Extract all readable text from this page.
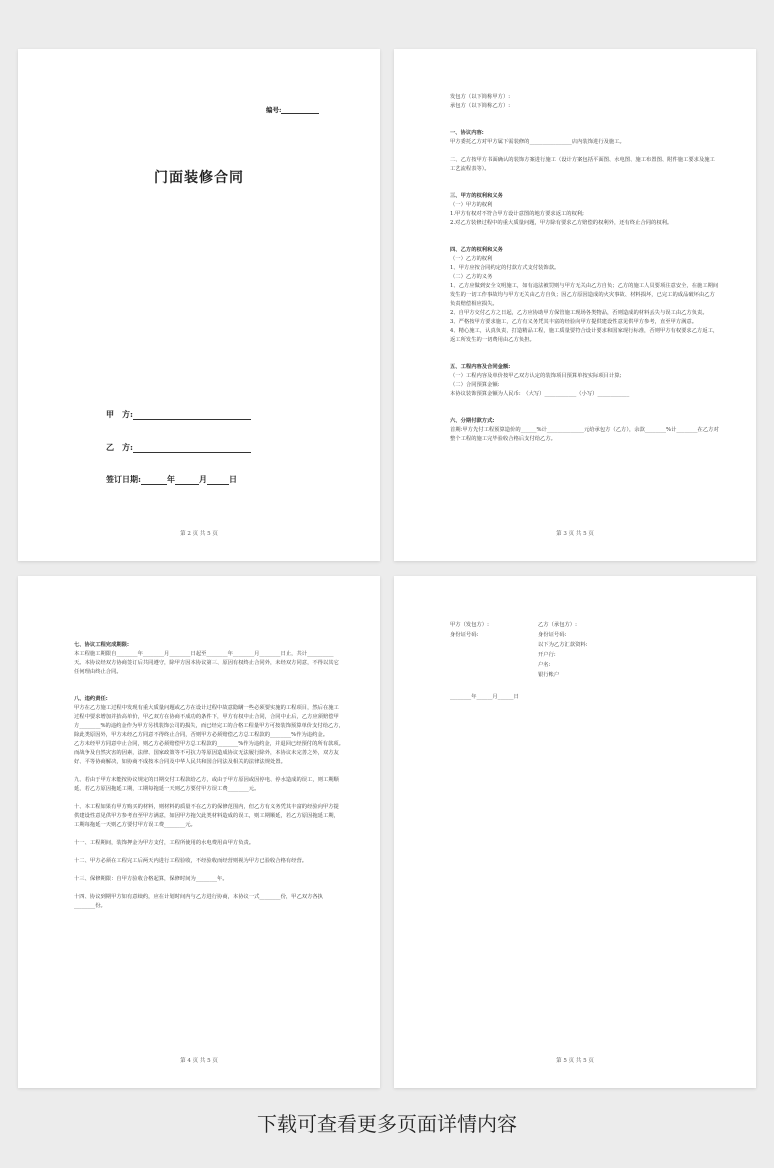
编号:
门面装修合同
甲　方:
乙　方:
签订日期:	年	月	日
第 2 页 共 5 页

发包方（以下简称甲方）:

承包方（以下简称乙方）:

一、协议内容:

甲方委托乙方对甲方属下需装修的________________店内装饰进行及施工。

二、乙方按甲方书面确认的装饰方案进行施工（设计方案包括平面图、水电图、施工布置图、附件施工要求及施工工艺流程表等）。

三、甲方的权利和义务

（一）甲方的权利

1.甲方有权对不符合甲方设计意图的地方要求返工的权利;

2.对乙方装修过程中的重大质量问题，甲方除有要求乙方赔偿的权利外，还有终止合同的权利。

四、乙方的权利和义务

（一）乙方的权利

1、甲方应按合同约定的付款方式支付装饰款。

（二）乙方的义务

1、乙方应做到安全文明施工，如有违法被罚则与甲方无关由乙方自负；乙方的施工人员要项注意安全，在施工期间发生的一切工作事故均与甲方无关由乙方自负；因乙方原因造成的火灾事故、材料损坏，已完工的成品破坏由乙方负责赔偿相应损失。

2、自甲方交付乙方之日起，乙方应协助甲方保管施工现场各类物品，否则造成的材料丢失与误工由乙方负责。

3、严格按甲方要求施工，乙方有义务凭其丰富的经验向甲方提供建设性意见供甲方参考，直至甲方满意。

4、精心施工，认真负责，打造精品工程，施工质量要符合设计要求和国家现行标准，否则甲方有权要求乙方返工，返工所发生的一切费用由乙方负担。

五、工程内容及合同金额:

（一）工程内容及单价按甲乙双方认定的装饰项目预算单按实际项目计算;

（二）合同预算金额:

本协议装饰预算金额为人民币:　（大写）____________（小写）____________

六、分期付款方式:

首期:甲方先付工程预算造价的______%计______________元给承包方（乙方），余款________%计________在乙方对整个工程的施工完毕验收合格后支付给乙方。

第 3 页 共 5 页

七、协议工程完成期限:

本工程施工期限自________年________月________日起至________年________月________日止，共计__________天。本协议经双方协商签订后共同遵守，除甲方因本协议第三、原因有权终止合同外，未经双方同意，不得以其它任何理由终止合同。

八、违约责任:

甲方在乙方施工过程中发现有重大质量问题或乙方在设计过程中故意隐瞒一些必须要实施的工程项目，然后在施工过程中要求增加并抬高单价，甲乙双方在协商不成功的条件下，甲方有权中止合同，合同中止后，乙方应须赔偿甲方________%的违约金作为甲方另找装饰公司的损失，而已经完工的合格工程量甲方可按装饰预算单价支付给乙方，除此类原因外，甲方未经乙方同意不得终止合同，否则甲方必须赔偿乙方总工程款的________%作为违约金。

乙方未经甲方同意中止合同，则乙方必须赔偿甲方总工程款的________%作为违约金，并退回已经预付的所有款项。而战争及自然灾害的因素，法律、国家政策等不可抗力等原因造成协议无法履行除外，本协议未完善之外，双方友好、平等协商解决，如协商不成按本合同及中华人民共和国合同法及相关的法律法规处置。

九、若由于甲方未能按协议规定的日期交付工程款给乙方，或由于甲方原因或因停电、停水造成的误工，则工期顺延，若乙方原因拖延工期，工期每拖延一天则乙方要付甲方误工费________元。

十、本工程如果有甲方购买的材料，则材料的质量不在乙方的保修范围内，但乙方有义务凭其丰富的经验向甲方提供建设性意见供甲方参考直至甲方满意，如因甲方拖欠此类材料造成的误工，则工期顺延，若乙方原因拖延工期，工期每拖延一天则乙方要付甲方误工费________元。

十一、工程期间，装饰押金为甲方支付，工程所使用的水电费用由甲方负责。

十二、甲方必须在工程完工后两天内进行工程验收，不经验收而经营则视为甲方已验收合格有经营。

十三、保修期限：自甲方验收合格起算，保修时间为________年。

十四、协议到期甲方如有意续约，应在计划时间内与乙方进行协商，本协议一式________份，甲乙双方各执________份。

第 4 页 共 5 页
甲方（发包方）:	乙方（承包方）:
身份证号码:	身份证号码:
以下为乙方汇款资料:
开户行:
户名:
银行帐户
________年______月______日
第 5 页 共 5 页
下载可查看更多页面详情内容
